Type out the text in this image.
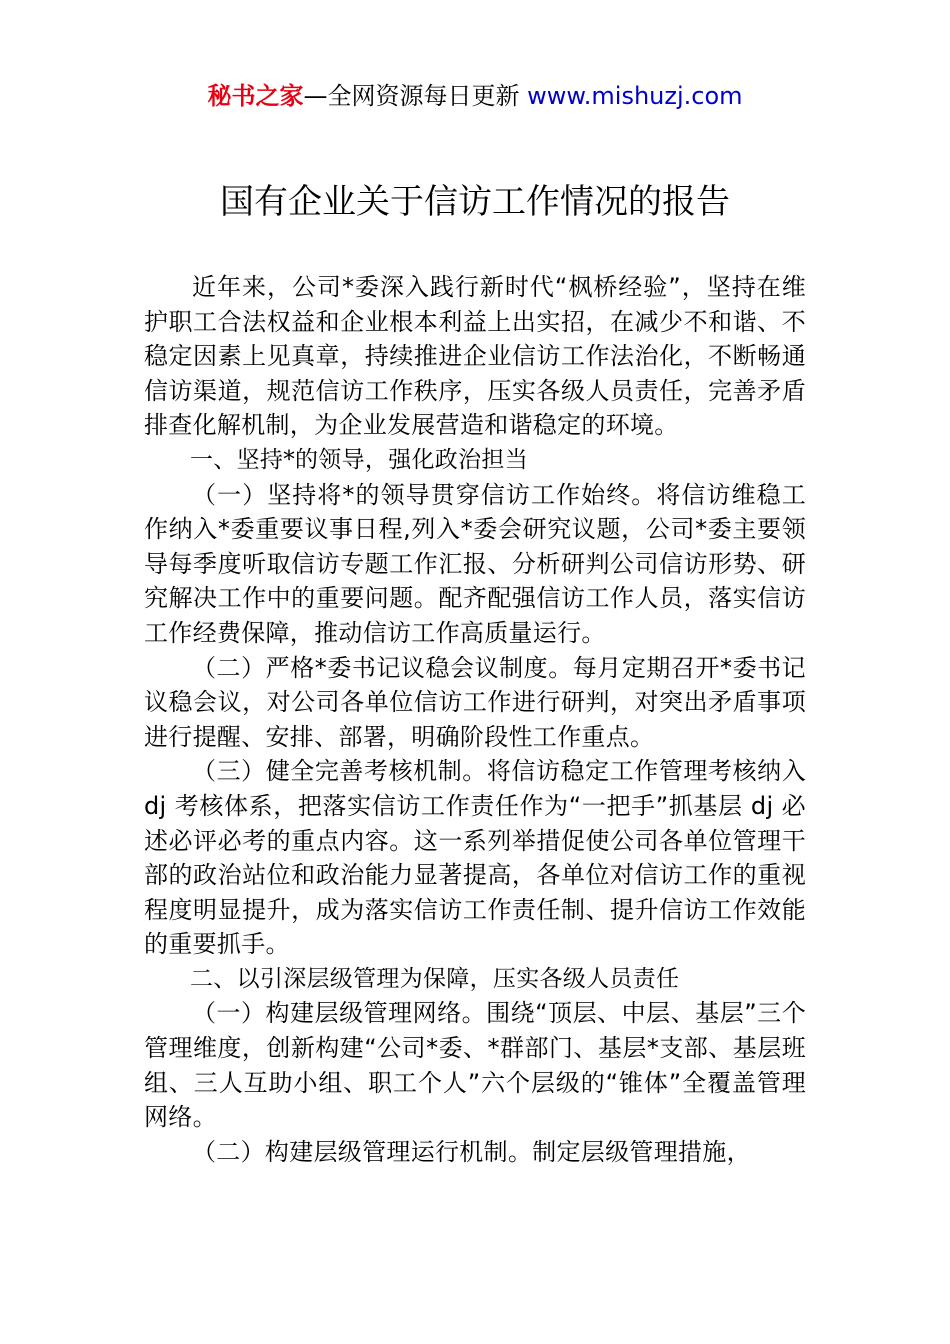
秘书之家—全网资源每日更新 www.mishuzj.com
国有企业关于信访工作情况的报告

近年来，公司*委深入践行新时代“枫桥经验”，坚持在维护职工合法权益和企业根本利益上出实招，在减少不和谐、不稳定因素上见真章，持续推进企业信访工作法治化，不断畅通信访渠道，规范信访工作秩序，压实各级人员责任，完善矛盾排查化解机制，为企业发展营造和谐稳定的环境。

一、坚持*的领导，强化政治担当

（一）坚持将*的领导贯穿信访工作始终。将信访维稳工作纳入*委重要议事日程,列入*委会研究议题，公司*委主要领导每季度听取信访专题工作汇报、分析研判公司信访形势、研究解决工作中的重要问题。配齐配强信访工作人员，落实信访工作经费保障，推动信访工作高质量运行。

（二）严格*委书记议稳会议制度。每月定期召开*委书记议稳会议，对公司各单位信访工作进行研判，对突出矛盾事项进行提醒、安排、部署，明确阶段性工作重点。

（三）健全完善考核机制。将信访稳定工作管理考核纳入 dj 考核体系，把落实信访工作责任作为“一把手”抓基层 dj 必述必评必考的重点内容。这一系列举措促使公司各单位管理干部的政治站位和政治能力显著提高，各单位对信访工作的重视程度明显提升，成为落实信访工作责任制、提升信访工作效能的重要抓手。

二、以引深层级管理为保障，压实各级人员责任

（一）构建层级管理网络。围绕“顶层、中层、基层”三个管理维度，创新构建“公司*委、*群部门、基层*支部、基层班组、三人互助小组、职工个人”六个层级的“锥体”全覆盖管理网络。

（二）构建层级管理运行机制。制定层级管理措施，
